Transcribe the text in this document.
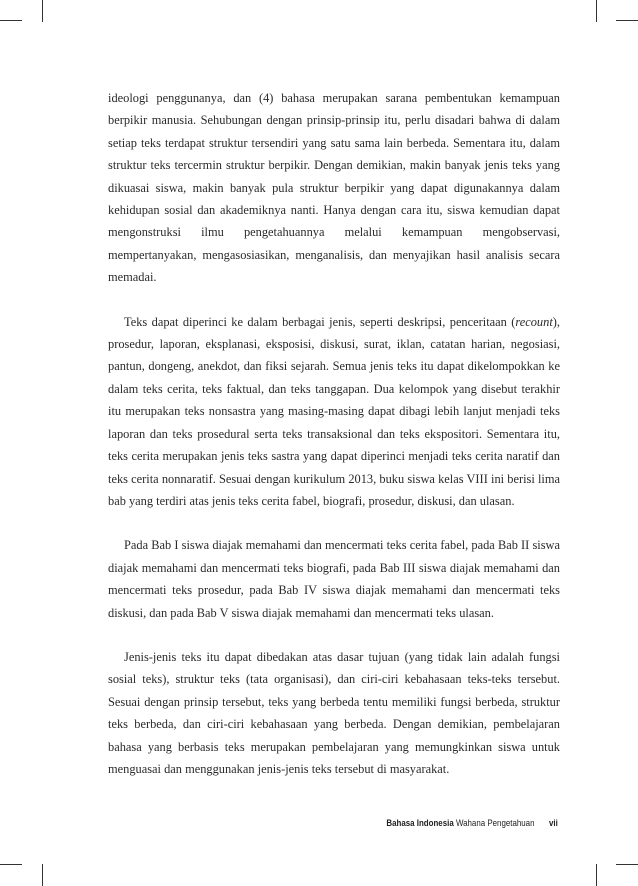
ideologi penggunanya, dan (4) bahasa merupakan sarana pembentukan kemampuan berpikir manusia. Sehubungan dengan prinsip-prinsip itu, perlu disadari bahwa di dalam setiap teks terdapat struktur tersendiri yang satu sama lain berbeda. Sementara itu, dalam struktur teks tercermin struktur berpikir. Dengan demikian, makin banyak jenis teks yang dikuasai siswa, makin banyak pula struktur berpikir yang dapat digunakannya dalam kehidupan sosial dan akademiknya nanti. Hanya dengan cara itu, siswa kemudian dapat mengonstruksi ilmu pengetahuannya melalui kemampuan mengobservasi, mempertanyakan, mengasosiasikan, menganalisis, dan menyajikan hasil analisis secara memadai.

Teks dapat diperinci ke dalam berbagai jenis, seperti deskripsi, penceritaan (recount), prosedur, laporan, eksplanasi, eksposisi, diskusi, surat, iklan, catatan harian, negosiasi, pantun, dongeng, anekdot, dan fiksi sejarah. Semua jenis teks itu dapat dikelompokkan ke dalam teks cerita, teks faktual, dan teks tanggapan. Dua kelompok yang disebut terakhir itu merupakan teks nonsastra yang masing-masing dapat dibagi lebih lanjut menjadi teks laporan dan teks prosedural serta teks transaksional dan teks ekspositori. Sementara itu, teks cerita merupakan jenis teks sastra yang dapat diperinci menjadi teks cerita naratif dan teks cerita nonnaratif. Sesuai dengan kurikulum 2013, buku siswa kelas VIII ini berisi lima bab yang terdiri atas jenis teks cerita fabel, biografi, prosedur, diskusi, dan ulasan.

Pada Bab I siswa diajak memahami dan mencermati teks cerita fabel, pada Bab II siswa diajak memahami dan mencermati teks biografi, pada Bab III siswa diajak memahami dan mencermati teks prosedur, pada Bab IV siswa diajak memahami dan mencermati teks diskusi, dan pada Bab V siswa diajak memahami dan mencermati teks ulasan.

Jenis-jenis teks itu dapat dibedakan atas dasar tujuan (yang tidak lain adalah fungsi sosial teks), struktur teks (tata organisasi), dan ciri-ciri kebahasaan teks-teks tersebut. Sesuai dengan prinsip tersebut, teks yang berbeda tentu memiliki fungsi berbeda, struktur teks berbeda, dan ciri-ciri kebahasaan yang berbeda. Dengan demikian, pembelajaran bahasa yang berbasis teks merupakan pembelajaran yang memungkinkan siswa untuk menguasai dan menggunakan jenis-jenis teks tersebut di masyarakat.

Bahasa Indonesia Wahana Pengetahuan vii
